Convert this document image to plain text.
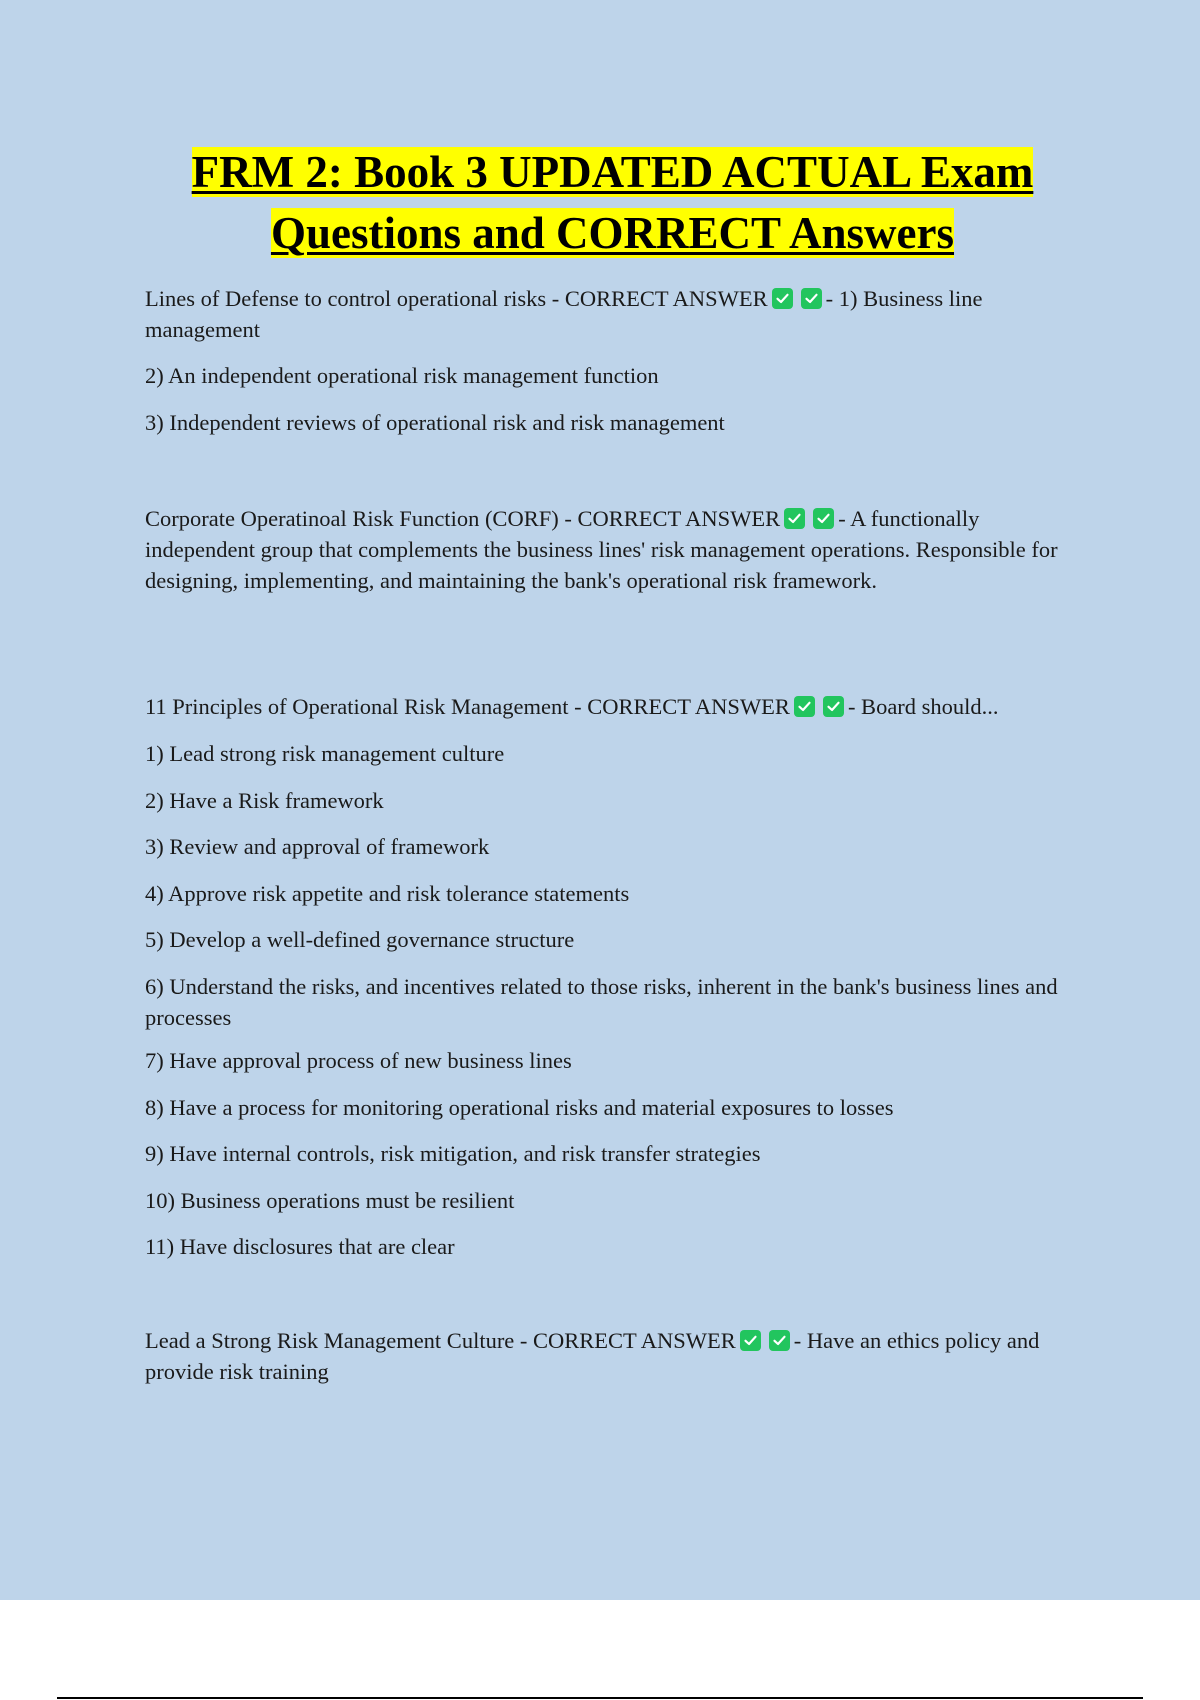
FRM 2: Book 3 UPDATED ACTUAL Exam
Questions and CORRECT Answers

Lines of Defense to control operational risks - CORRECT ANSWER	- 1) Business line management

2) An independent operational risk management function

3) Independent reviews of operational risk and risk management

Corporate Operatinoal Risk Function (CORF) - CORRECT ANSWER	- A functionally independent group that complements the business lines' risk management operations. Responsible for designing, implementing, and maintaining the bank's operational risk framework.

11 Principles of Operational Risk Management - CORRECT ANSWER	- Board should...

1) Lead strong risk management culture

2) Have a Risk framework

3) Review and approval of framework

4) Approve risk appetite and risk tolerance statements

5) Develop a well-defined governance structure

6) Understand the risks, and incentives related to those risks, inherent in the bank's business lines and processes

7) Have approval process of new business lines

8) Have a process for monitoring operational risks and material exposures to losses

9) Have internal controls, risk mitigation, and risk transfer strategies

10) Business operations must be resilient

11) Have disclosures that are clear

Lead a Strong Risk Management Culture - CORRECT ANSWER	- Have an ethics policy and provide risk training
